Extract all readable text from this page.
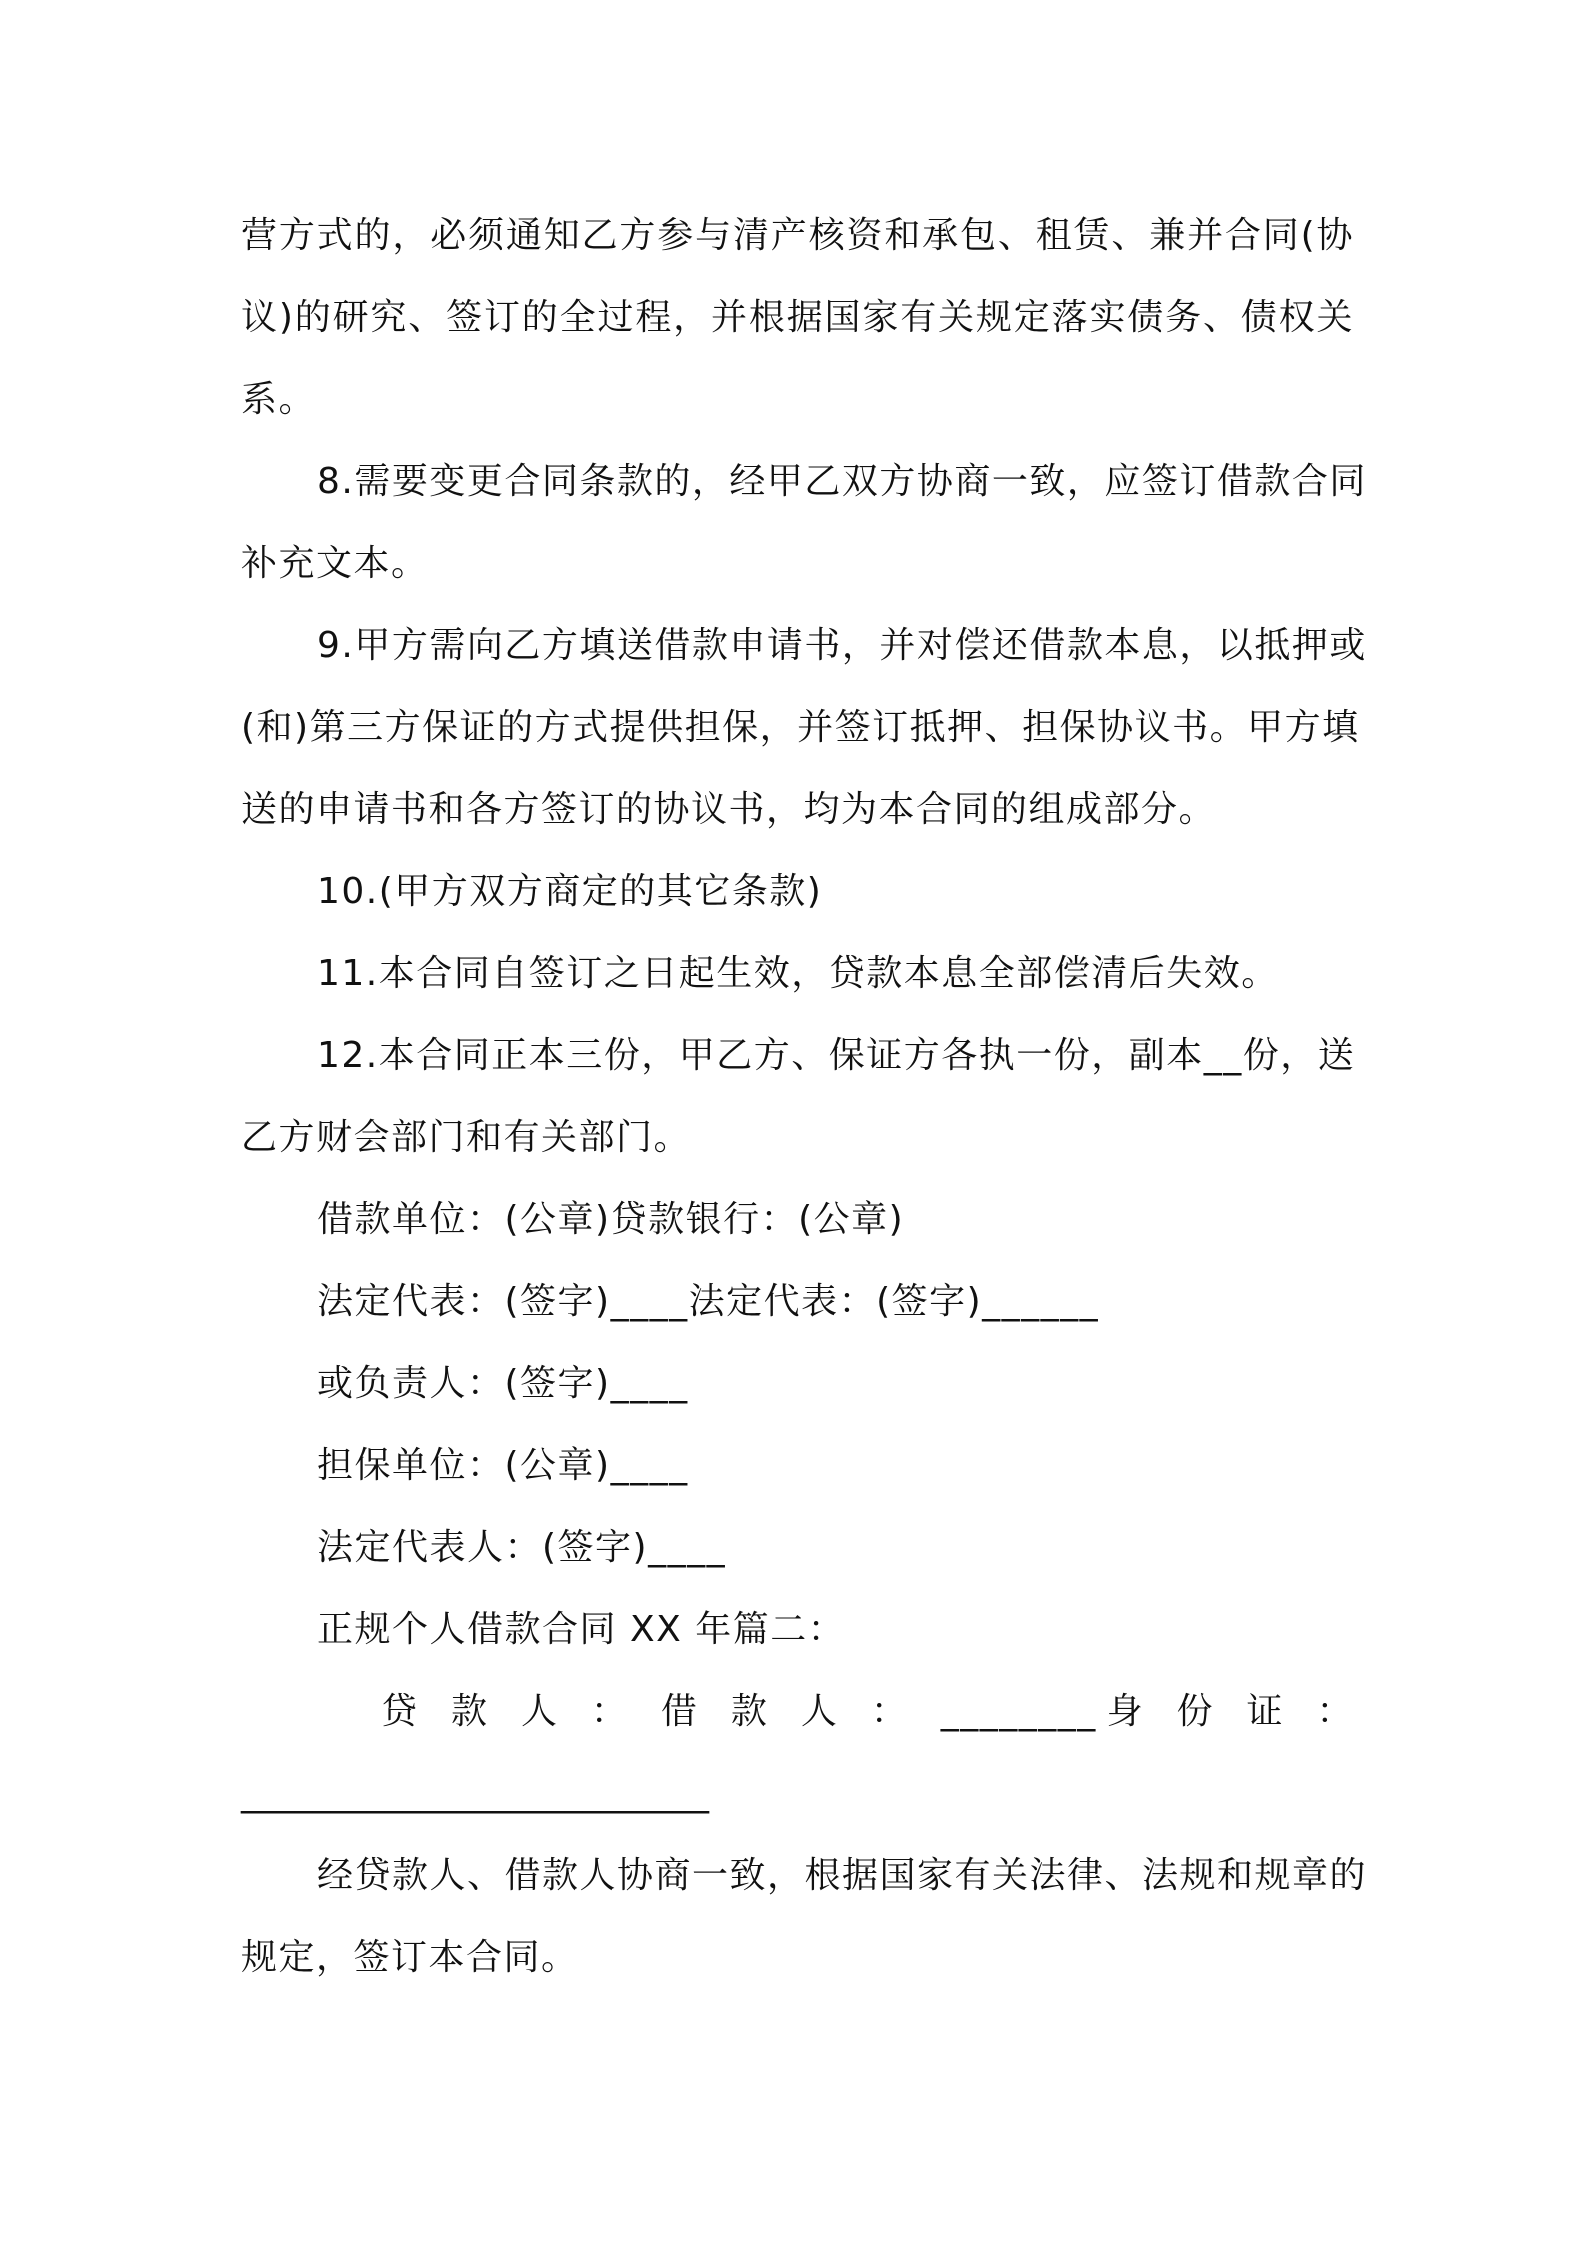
营方式的，必须通知乙方参与清产核资和承包、租赁、兼并合同(协
议)的研究、签订的全过程，并根据国家有关规定落实债务、债权关
系。
8.需要变更合同条款的，经甲乙双方协商一致，应签订借款合同
补充文本。
9.甲方需向乙方填送借款申请书，并对偿还借款本息，以抵押或
(和)第三方保证的方式提供担保，并签订抵押、担保协议书。甲方填
送的申请书和各方签订的协议书，均为本合同的组成部分。
10.(甲方双方商定的其它条款)
11.本合同自签订之日起生效，贷款本息全部偿清后失效。
12.本合同正本三份，甲乙方、保证方各执一份，副本__份，送
乙方财会部门和有关部门。
借款单位：(公章)贷款银行：(公章)
法定代表：(签字)____法定代表：(签字)______
或负责人：(签字)____
担保单位：(公章)____
法定代表人：(签字)____
正规个人借款合同 XX 年篇二：
贷 款 人 ： 借 款 人 ： ________身 份 证 ：
__________________________
经贷款人、借款人协商一致，根据国家有关法律、法规和规章的
规定，签订本合同。
